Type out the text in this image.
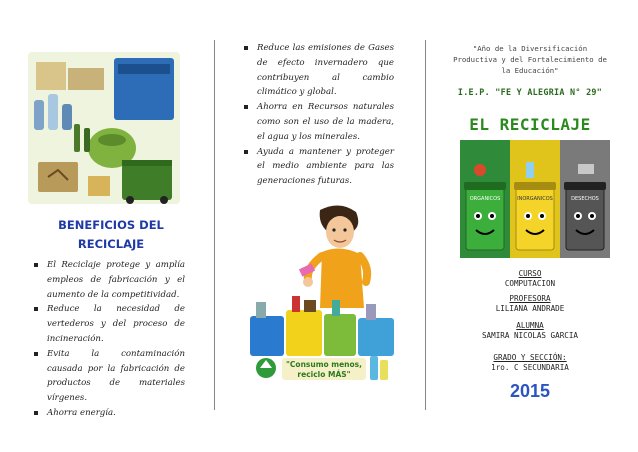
BENEFICIOS DEL RECICLAJE
El Reciclaje protege y amplía empleos de fabricación y el aumento de la competitividad.
Reduce la necesidad de vertederos y del proceso de incineración.
Evita la contaminación causada por la fabricación de productos de materiales vírgenes.
Ahorra energía.
Reduce las emisiones de Gases de efecto invernadero que contribuyen al cambio climático y global.
Ahorra en Recursos naturales como son el uso de la madera, el agua y los minerales.
Ayuda a mantener y proteger el medio ambiente para las generaciones futuras.
"Consumo menos,
reciclo MÁS"
"Año de la Diversificación Productiva y del Fortalecimiento de la Educación"
I.E.P. "FE Y ALEGRIA N° 29"
EL RECICLAJE
ORGANICOS	INORGANICOS	DESECHOS
CURSO
COMPUTACION
PROFESORA
LILIANA ANDRADE
ALUMNA
SAMIRA NICOLAS GARCIA
GRADO Y SECCIÓN:
1ro. C SECUNDARIA
2015
